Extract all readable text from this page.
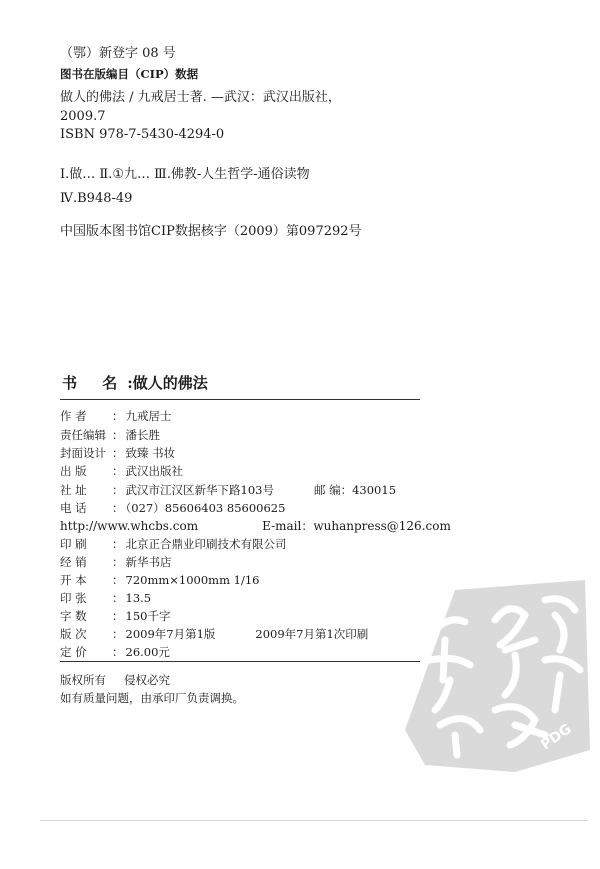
（鄂）新登字 08 号
图书在版编目（CIP）数据
做人的佛法 / 九戒居士著. —武汉：武汉出版社，
2009.7
ISBN 978-7-5430-4294-0
Ⅰ.做… Ⅱ.①九… Ⅲ.佛教-人生哲学-通俗读物
Ⅳ.B948-49
中国版本图书馆CIP数据核字（2009）第097292号
书 名:做人的佛法
作 者 ： 九戒居士
责任编辑 ： 潘长胜
封面设计 ： 致臻 书妆
出 版 ： 武汉出版社
社 址 ： 武汉市江汉区新华下路103号	邮 编：430015
电 话 ： （027）85606403 85600625
http://www.whcbs.com	E-mail：wuhanpress@126.com
印 刷 ： 北京正合鼎业印刷技术有限公司
经 销 ： 新华书店
开 本 ： 720mm×1000mm 1/16
印 张 ： 13.5
字 数 ： 150千字
版 次 ： 2009年7月第1版	2009年7月第1次印刷
定 价 ： 26.00元
版权所有 侵权必究
如有质量问题，由承印厂负责调换。
PDG
